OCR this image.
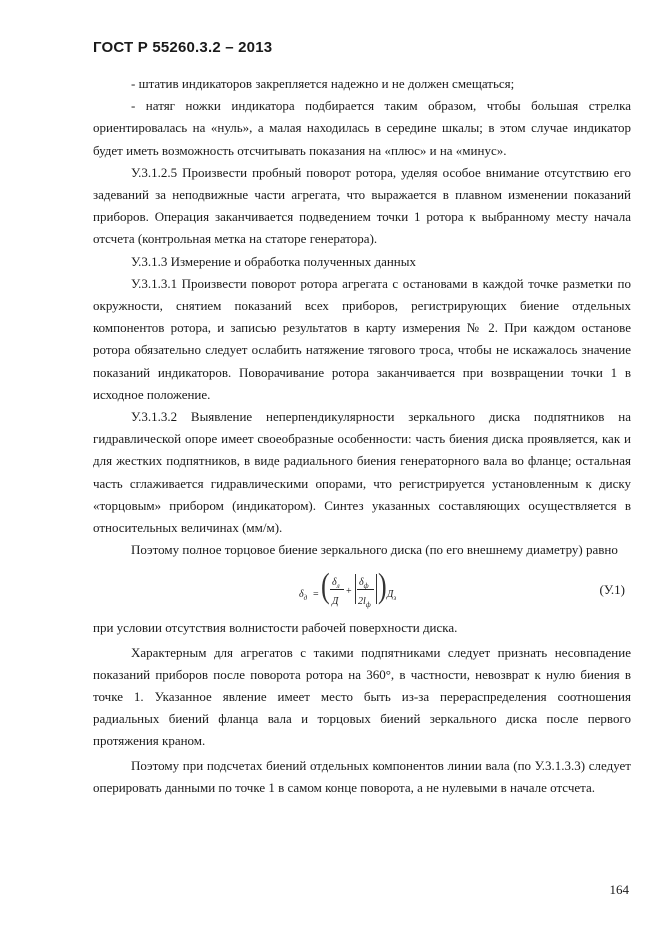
ГОСТ Р 55260.3.2 – 2013

- штатив индикаторов закрепляется надежно и не должен смещаться;

- натяг ножки индикатора подбирается таким образом, чтобы большая стрелка ориентировалась на «нуль», а малая находилась в середине шкалы; в этом случае индикатор будет иметь возможность отсчитывать показания на «плюс» и на «минус».

У.3.1.2.5 Произвести пробный поворот ротора, уделяя особое внимание отсутствию его задеваний за неподвижные части агрегата, что выражается в плавном изменении показаний приборов. Операция заканчивается подведением точки 1 ротора к выбранному месту начала отсчета (контрольная метка на статоре генератора).

У.3.1.3 Измерение и обработка полученных данных

У.3.1.3.1 Произвести поворот ротора агрегата с остановами в каждой точке разметки по окружности, снятием показаний всех приборов, регистрирующих биение отдельных компонентов ротора, и записью результатов в карту измерения № 2. При каждом останове ротора обязательно следует ослабить натяжение тягового троса, чтобы не искажалось значение показаний индикаторов. Поворачивание ротора заканчивается при возвращении точки 1 в исходное положение.

У.3.1.3.2 Выявление неперпендикулярности зеркального диска подпятников на гидравлической опоре имеет своеобразные особенности: часть биения диска проявляется, как и для жестких подпятников, в виде радиального биения генераторного вала во фланце; остальная часть сглаживается гидравлическими опорами, что регистрируется установленным к диску «торцовым» прибором (индикатором). Синтез указанных составляющих осуществляется в относительных величинах (мм/м).

Поэтому полное торцовое биение зеркального диска (по его внешнему диаметру) равно

$\delta_д$ = ( $\delta_л$
Д
+
$\delta_ф$
$2l_ф$
) $Д_з$
(У.1)

при условии отсутствия волнистости рабочей поверхности диска.

Характерным для агрегатов с такими подпятниками следует признать несовпадение показаний приборов после поворота ротора на 360°, в частности, невозврат к нулю биения в точке 1. Указанное явление имеет место быть из-за перераспределения соотношения радиальных биений фланца вала и торцовых биений зеркального диска после первого протяжения краном.

Поэтому при подсчетах биений отдельных компонентов линии вала (по У.3.1.3.3) следует оперировать данными по точке 1 в самом конце поворота, а не нулевыми в начале отсчета.

164
